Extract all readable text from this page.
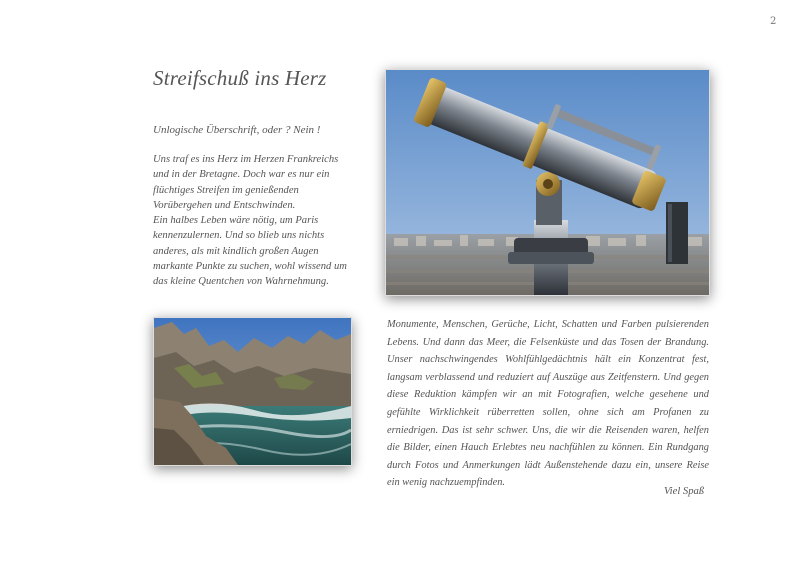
2
Streifschuß ins Herz
Unlogische Überschrift, oder ? Nein !

Uns traf es ins Herz im Herzen Frankreichs und in der Bretagne. Doch war es nur ein flüchtiges Streifen im genießenden Vorübergehen und Entschwinden.

Ein halbes Leben wäre nötig, um Paris kennenzulernen. Und so blieb uns nichts anderes, als mit kindlich großen Augen markante Punkte zu suchen, wohl wissend um das kleine Quentchen von Wahrnehmung.

Monumente, Menschen, Gerüche, Licht, Schatten und Farben pulsierenden Lebens. Und dann das Meer, die Felsenküste und das Tosen der Brandung. Unser nachschwingendes Wohlfühlgedächtnis hält ein Konzentrat fest, langsam verblassend und reduziert auf Auszüge aus Zeitfenstern. Und gegen diese Reduktion kämpfen wir an mit Fotografien, welche gesehene und gefühlte Wirklichkeit rüberretten sollen, ohne sich am Profanen zu erniedrigen. Das ist sehr schwer. Uns, die wir die Reisenden waren, helfen die Bilder, einen Hauch Erlebtes neu nachfühlen zu können. Ein Rundgang durch Fotos und Anmerkungen lädt Außenstehende dazu ein, unsere Reise ein wenig nachzuempfinden.
Viel Spaß
